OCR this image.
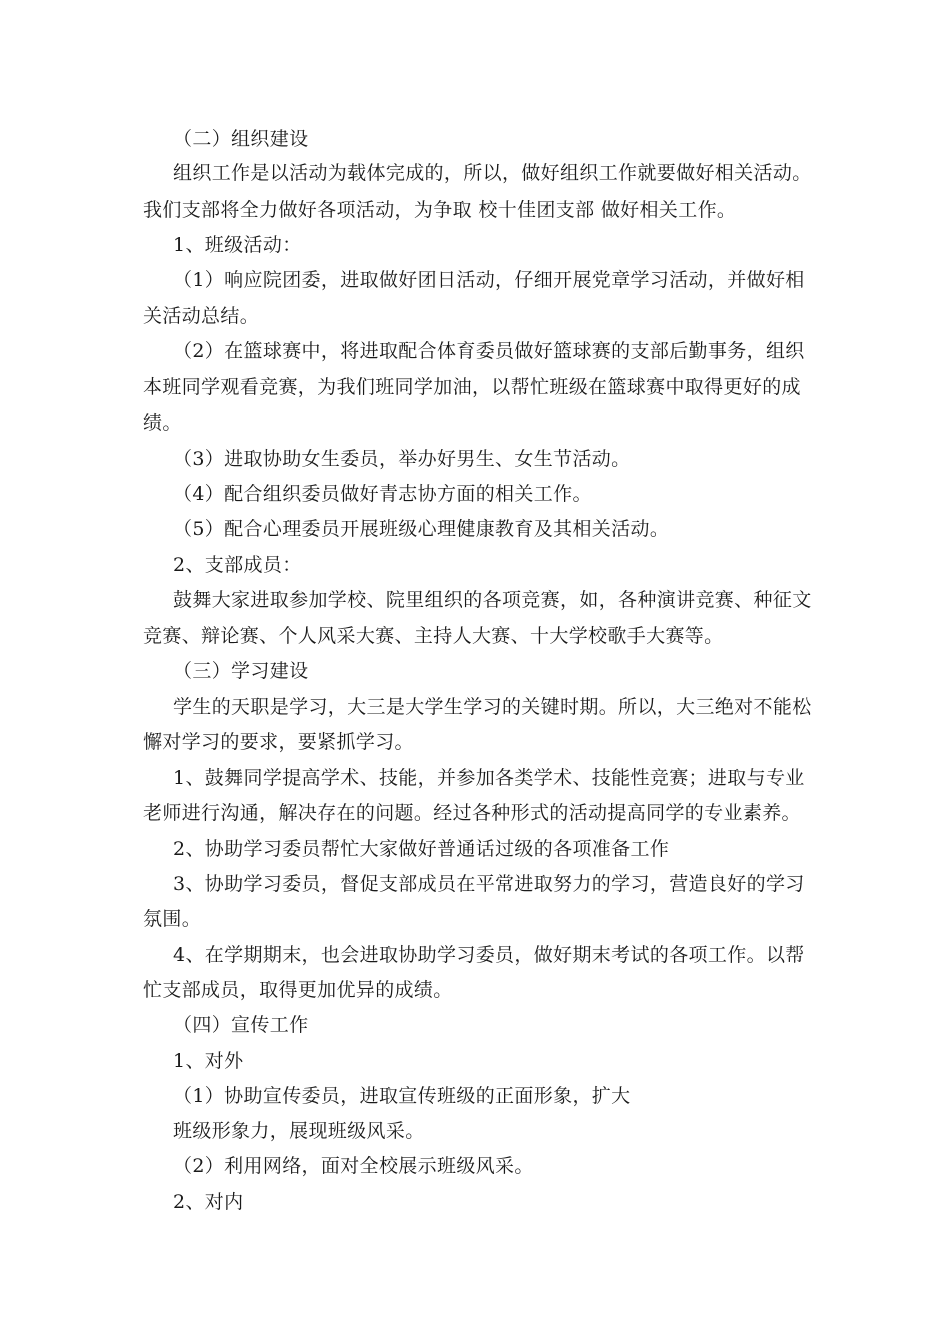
（二）组织建设
组织工作是以活动为载体完成的，所以，做好组织工作就要做好相关活动。
我们支部将全力做好各项活动，为争取 校十佳团支部 做好相关工作。
1、班级活动：
（1）响应院团委，进取做好团日活动，仔细开展党章学习活动，并做好相
关活动总结。
（2）在篮球赛中，将进取配合体育委员做好篮球赛的支部后勤事务，组织
本班同学观看竞赛，为我们班同学加油，以帮忙班级在篮球赛中取得更好的成
绩。
（3）进取协助女生委员，举办好男生、女生节活动。
（4）配合组织委员做好青志协方面的相关工作。
（5）配合心理委员开展班级心理健康教育及其相关活动。
2、支部成员：
鼓舞大家进取参加学校、院里组织的各项竞赛，如，各种演讲竞赛、种征文
竞赛、辩论赛、个人风采大赛、主持人大赛、十大学校歌手大赛等。
（三）学习建设
学生的天职是学习，大三是大学生学习的关键时期。所以，大三绝对不能松
懈对学习的要求，要紧抓学习。
1、鼓舞同学提高学术、技能，并参加各类学术、技能性竞赛；进取与专业
老师进行沟通，解决存在的问题。经过各种形式的活动提高同学的专业素养。
2、协助学习委员帮忙大家做好普通话过级的各项准备工作
3、协助学习委员，督促支部成员在平常进取努力的学习，营造良好的学习
氛围。
4、在学期期末，也会进取协助学习委员，做好期末考试的各项工作。以帮
忙支部成员，取得更加优异的成绩。
（四）宣传工作
1、对外
（1）协助宣传委员，进取宣传班级的正面形象，扩大
班级形象力，展现班级风采。
（2）利用网络，面对全校展示班级风采。
2、对内
